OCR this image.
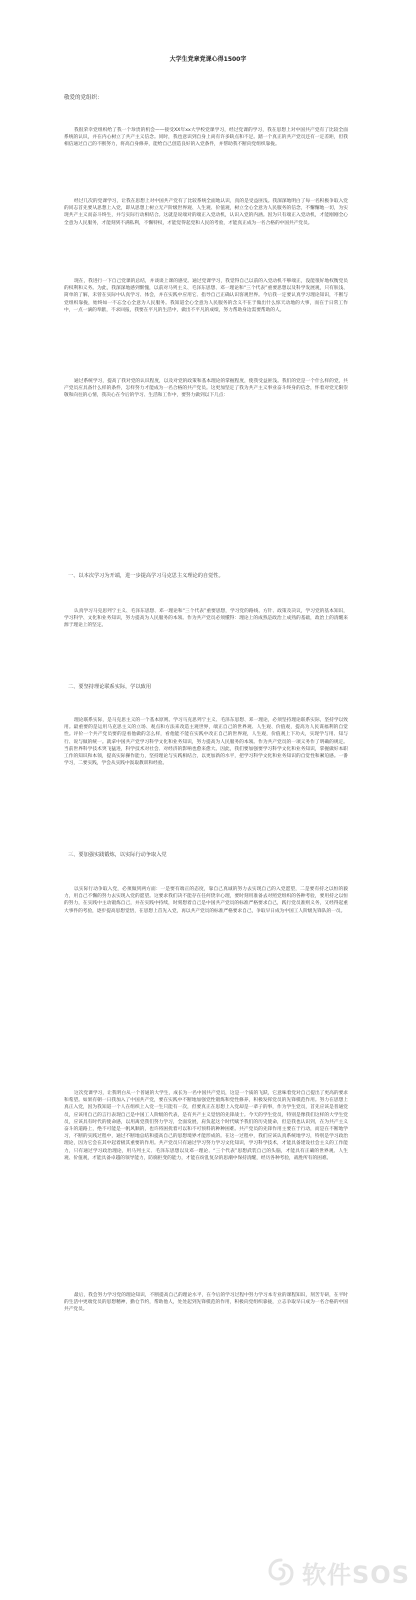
大学生党章党课心得1500字
敬爱的党组织：

我很荣幸党组织给了我一个珍贵的机会——接受XX年xx大学校党课学习，经过党课的学习，我在思想上对中国共产党有了比较全面系统的认识，并在内心树立了共产主义信念。同时，我也意识到自身上尚有许多缺点和不足。踏一个真正的共产党员还有一定差距，但我相信通过自己的不断努力，将高自身修养，能给自己创造良好的入党条件，并帮助我不断向党组织靠拢。

经过几次的党课学习，让我在思想上对中国共产党有了比较系统全面地认识，真的是受益匪浅。我深深地明白了每一名积极争取入党的同志首先要从思想上入党，即从思想上树立无产阶级世界观、人生观、价值观，树立全心全意为人民服务的信念，不懈懈地一切，为实现共产主义而奋斗终生，并与实际行动相结合。这就是说端对的端正入党动机，认识入党的内涵。因为只有端正入党动机，才能刚刚全心全意为人民服务，才能刻到不满私利，不懈特权，才能觉得起党和人民的考验，才能真正成为一名合格的中国共产党员。

现在，我进行一下自己党课的总结，并谈谈上课的感受。通过党课学习，我觉得自己以前的入党动机不够端正，没能很好地权衡党员的权利和义务。为此，我深深地感到惭愧，以前对马列主义、毛泽东思想、邓一理论和“三个代表”重要思想以及科学发展观，只有肤浅、简单的了解，未曾在实际中认真学习、体会，并在实践中应用它、指导自己正确认识客观世界。今后我一定要认真学习理论知识，不断与党组织靠拢，始终如一不忘全心全意为人民服务。我知道全心全意为人民服务的含义不在于做出什么惊天动地的大事，而在于日常工作中，一点一滴的奉献，不求回报，我要在平凡的生活中，做出不平凡的成绩，努力帮助身边需要帮助的人。

通过系统学习，提高了我对党的认识程度，以及对党的政策和基本理论的掌握程度，使我受益匪浅。我们的党是一个什么样的党，共产党员应具备什么样的条件，怎样努力才能成为一名合格的共产党员。这更加坚定了我为共产主义事业奋斗终身的信念，怀着对党无限崇敬和向往的心情，我决心在今后的学习、生活和工作中，要努力做到以下几点：

一、以本次学习为开端，进一步提高学习马克思主义理论的自觉性。

认真学习马克思列宁主义、毛泽东思想、邓一理论和“三个代表”重要思想，学习党的路线、方针、政策及决议，学习党的基本知识，学习科学、文化和业务知识，努力提高为人民服务的本领。作为共产党员必须懂得：理论上的成熟是政治上成熟的基础，政治上的清醒来源于理论上的坚定。

二、要坚持理论联系实际，学以致用

理论联系实际，是马克思主义的一个基本原则。学习马克思列宁主义、毛泽东思想、邓一理论，必须坚持理论联系实际，坚持学以致用。最重要的是运用马克思主义的立场、观点和方法来改造主观世界，端正自己的世界观、人生观、价值观，提高为人民谋福利的自觉性。评价一个共产党员要的是看他做的怎么样，看他能不能在实践中改正自己的世界观，人生观，价值观上下功夫，实现学与用、知与行、说与做的统一。就拿中国共产党学习科学文化和业务知识，努力提高为人民服务的本领。作为共产党员的一项义务作了明确的规定。当前世界科学技术突飞猛进，科学技术对社会、对经济的影响也愈来愈大。因此，我们要加强要学习科学文化和业务知识，掌握做好本职工作的知识和本领，提高实际操作能力，坚持理论与实践相结合，以更加新的水平，把学习科学文化和业务知识的自觉性和紧迫感。一番学习，二要实践，学会从实践中汲取教训和经验。

三、要加强实践锻炼，以实际行动争取入党

以实际行动争取入党，必须做到两方面：一是要有端正的态度，靠自己真诚的努力去实现自己的入党愿望，二是要有持之以恒的毅力，用自己不懈的努力去实现入党的愿望。这要求我们决不能存在任何侥幸心理，要时刻用准备去对照党组织的各种考验，要用持之以恒的努力，在实践中主动锻炼自己，并在实践中持续，时刻想着自己是中国共产党员的标准严格要求自己，践行党员准则义务，又经得起重大事件的考验，逐步提高思想觉悟，在思想上首先入党，再以共产党员的标准严格要求自己，争取早日成为中国工人阶级先锋队的一员。

这次党课学习，让我明白从一个普通的大学生，成长为一名中国共产党员，这是一个质的飞跃，它意味着党对自己提出了更高的要求和希望。如果有朝一日我加入了中国共产党，要在实践中不断地加强党性锻炼和党性修养，积极发挥党员的先锋模范作用。努力在思想上真正入党，因为我知道一个人在组织上入党一生只能有一次，但要真正在思想上入党却是一辈子的事，作为学生党员，首先应该是普通党员，应该用自己的言行表现自己是中国工人阶级的代表，是有共产主义觉悟的先锋战士。今天的学生党员，特别是像我们这样的大学生党员，应该具有时代的使命感，以用离党我们努力学习，全面发展，肩负起这个时代赋予我们的历史使命，但是我也认识到，在为共产主义奋斗的道路上，绝不可能是一帆风顺的，也许将困扰着可以和不可预料的种种困难。共产党员的先锋作用主要在于行动，而是在不断地学习，不断的实践过程中，通过不断地总结和提高自己的思想境界才能形成的。在这一过程中，我们应该认真系统地学习，特别是学习政治理论，因为它会在其中起着极其重要的作用。共产党员只有通过学习努力学习文化知识，学习科学技术，才能具备建设社会主义的工作能力，只有通过学习政治理论，用马列主义、毛泽东思想以及邓一理论、“三个代表”思想武装自己的头脑，才能具有正确的世界观、人生观、价值观，才能具备卓越的领导能力，防腐拒变的能力，才能在纷乱复杂的思潮中保持清醒，经历各种考验，战胜所有的困难。

最后，我会努力学习党的理论知识，不断提高自己的理论水平，在今后的学习过程中努力学习本专业的课程知识，刻苦专研，在平时的生活中更端党员的思想精神，勤仓节约，帮助他人，处处起到先锋模范的作用，积极向党组织靠拢，立志争取早日成为一名合格的中国共产党员。

软件SOS
